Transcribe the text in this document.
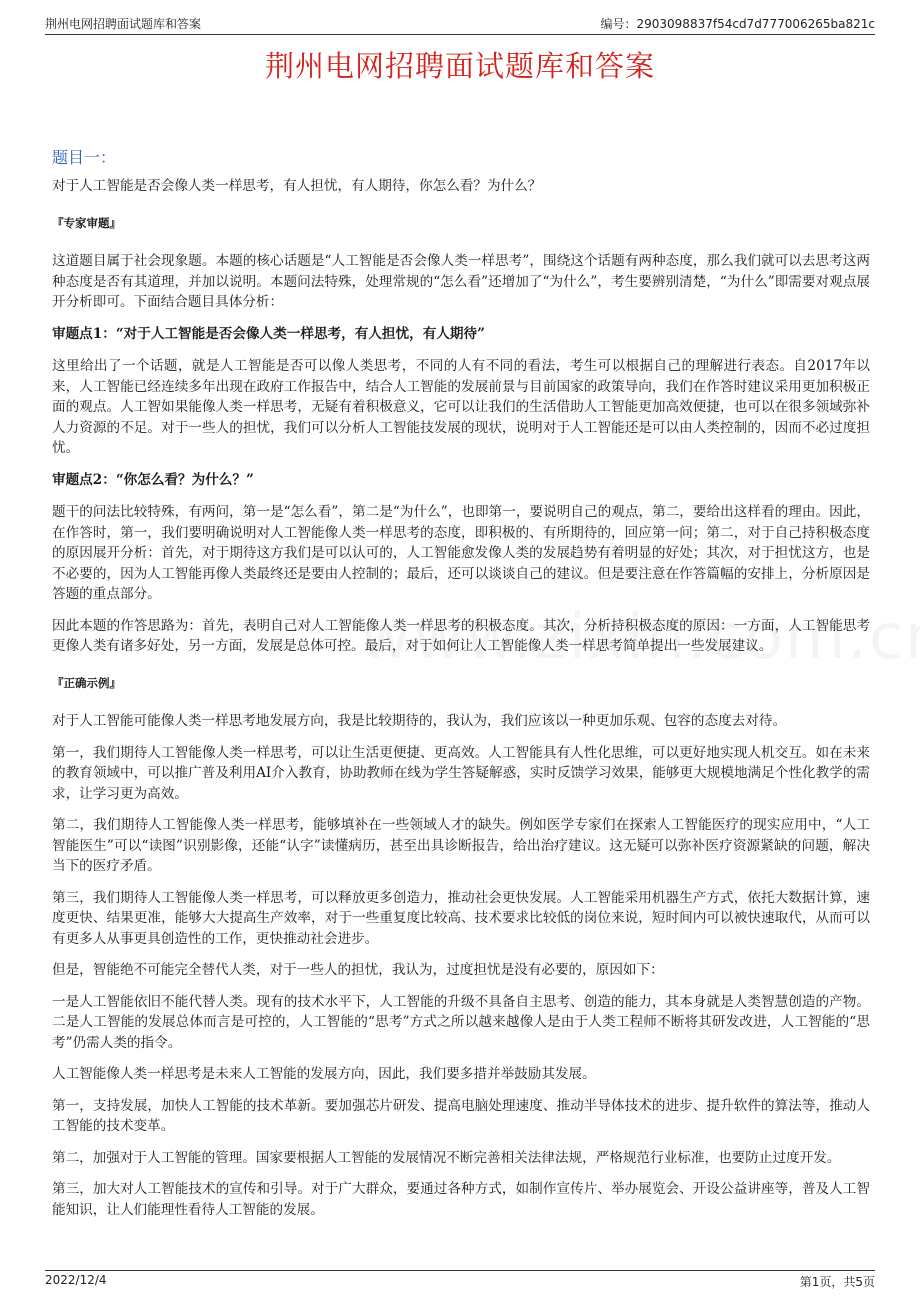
荆州电网招聘面试题库和答案	编号：2903098837f54cd7d777006265ba821c
荆州电网招聘面试题库和答案
题目一：

对于人工智能是否会像人类一样思考，有人担忧，有人期待，你怎么看？为什么？

『专家审题』

这道题目属于社会现象题。本题的核心话题是“人工智能是否会像人类一样思考”，围绕这个话题有两种态度，那么我们就可以去思考这两种态度是否有其道理，并加以说明。本题问法特殊，处理常规的“怎么看”还增加了“为什么”，考生要辨别清楚，“为什么”即需要对观点展开分析即可。下面结合题目具体分析：

审题点1：“对于人工智能是否会像人类一样思考，有人担忧，有人期待”

这里给出了一个话题，就是人工智能是否可以像人类思考，不同的人有不同的看法，考生可以根据自己的理解进行表态。自2017年以来，人工智能已经连续多年出现在政府工作报告中，结合人工智能的发展前景与目前国家的政策导向，我们在作答时建议采用更加积极正面的观点。人工智如果能像人类一样思考，无疑有着积极意义，它可以让我们的生活借助人工智能更加高效便捷，也可以在很多领域弥补人力资源的不足。对于一些人的担忧，我们可以分析人工智能技发展的现状，说明对于人工智能还是可以由人类控制的，因而不必过度担忧。

审题点2：“你怎么看？为什么？”

题干的问法比较特殊，有两问，第一是“怎么看”，第二是“为什么”，也即第一，要说明自己的观点，第二，要给出这样看的理由。因此，在作答时，第一，我们要明确说明对人工智能像人类一样思考的态度，即积极的、有所期待的，回应第一问；第二，对于自己持积极态度的原因展开分析：首先，对于期待这方我们是可以认可的，人工智能愈发像人类的发展趋势有着明显的好处；其次，对于担忧这方，也是不必要的，因为人工智能再像人类最终还是要由人控制的；最后，还可以谈谈自己的建议。但是要注意在作答篇幅的安排上，分析原因是答题的重点部分。

因此本题的作答思路为：首先，表明自己对人工智能像人类一样思考的积极态度。其次，分析持积极态度的原因：一方面，人工智能思考更像人类有诸多好处，另一方面，发展是总体可控。最后，对于如何让人工智能像人类一样思考简单提出一些发展建议。

『正确示例』

对于人工智能可能像人类一样思考地发展方向，我是比较期待的，我认为，我们应该以一种更加乐观、包容的态度去对待。

第一，我们期待人工智能像人类一样思考，可以让生活更便捷、更高效。人工智能具有人性化思维，可以更好地实现人机交互。如在未来的教育领域中，可以推广普及利用AI介入教育，协助教师在线为学生答疑解惑，实时反馈学习效果，能够更大规模地满足个性化教学的需求，让学习更为高效。

第二，我们期待人工智能像人类一样思考，能够填补在一些领域人才的缺失。例如医学专家们在探索人工智能医疗的现实应用中，“人工智能医生”可以“读图”识别影像，还能“认字”读懂病历，甚至出具诊断报告，给出治疗建议。这无疑可以弥补医疗资源紧缺的问题，解决当下的医疗矛盾。

第三，我们期待人工智能像人类一样思考，可以释放更多创造力，推动社会更快发展。人工智能采用机器生产方式，依托大数据计算，速度更快、结果更准，能够大大提高生产效率，对于一些重复度比较高、技术要求比较低的岗位来说，短时间内可以被快速取代，从而可以有更多人从事更具创造性的工作，更快推动社会进步。

但是，智能绝不可能完全替代人类，对于一些人的担忧，我认为，过度担忧是没有必要的，原因如下：

一是人工智能依旧不能代替人类。现有的技术水平下，人工智能的升级不具备自主思考、创造的能力，其本身就是人类智慧创造的产物。二是人工智能的发展总体而言是可控的，人工智能的“思考”方式之所以越来越像人是由于人类工程师不断将其研发改进，人工智能的“思考”仍需人类的指令。

人工智能像人类一样思考是未来人工智能的发展方向，因此，我们要多措并举鼓励其发展。

第一，支持发展，加快人工智能的技术革新。要加强芯片研发、提高电脑处理速度、推动半导体技术的进步、提升软件的算法等，推动人工智能的技术变革。

第二，加强对于人工智能的管理。国家要根据人工智能的发展情况不断完善相关法律法规，严格规范行业标准，也要防止过度开发。

第三，加大对人工智能技术的宣传和引导。对于广大群众，要通过各种方式，如制作宣传片、举办展览会、开设公益讲座等，普及人工智能知识，让人们能理性看待人工智能的发展。

2022/12/4	第1页，共5页
